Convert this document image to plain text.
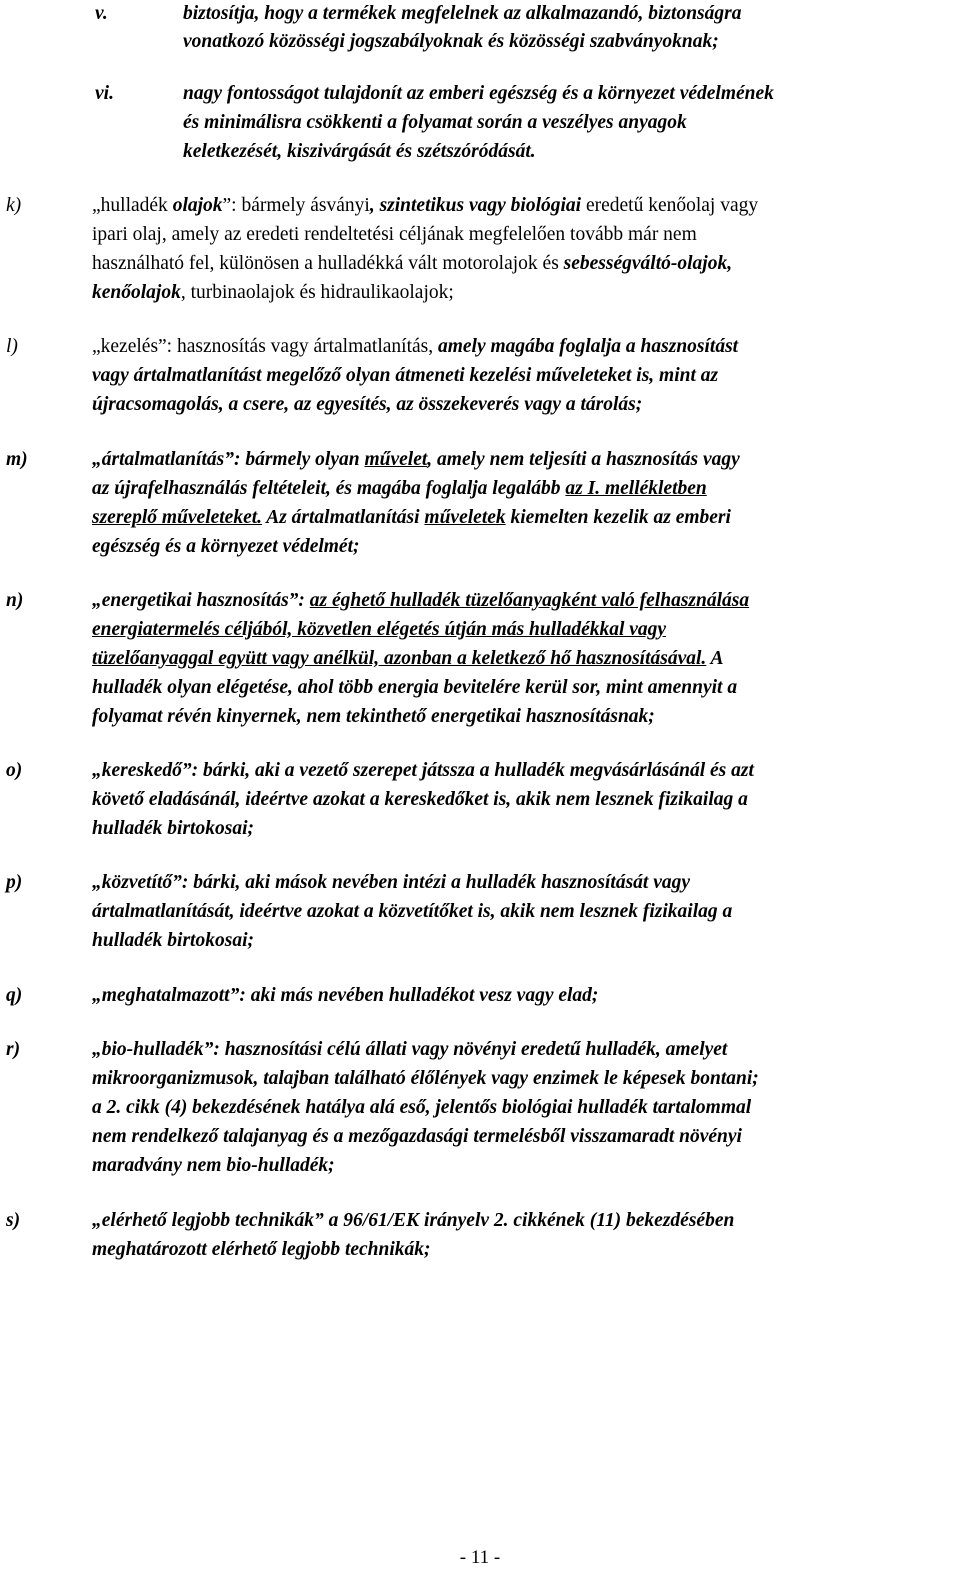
v.	biztosítja, hogy a termékek megfelelnek az alkalmazandó, biztonságra
vonatkozó közösségi jogszabályoknak és közösségi szabványoknak;
vi.	nagy fontosságot tulajdonít az emberi egészség és a környezet védelmének
és minimálisra csökkenti a folyamat során a veszélyes anyagok
keletkezését, kiszivárgását és szétszóródását.
k)	„hulladék olajok”: bármely ásványi, szintetikus vagy biológiai eredetű kenőolaj vagy
ipari olaj, amely az eredeti rendeltetési céljának megfelelően tovább már nem
használható fel, különösen a hulladékká vált motorolajok és sebességváltó-olajok,
kenőolajok, turbinaolajok és hidraulikaolajok;
l)	„kezelés”: hasznosítás vagy ártalmatlanítás, amely magába foglalja a hasznosítást
vagy ártalmatlanítást megelőző olyan átmeneti kezelési műveleteket is, mint az
újracsomagolás, a csere, az egyesítés, az összekeverés vagy a tárolás;
m)	„ártalmatlanítás”: bármely olyan művelet, amely nem teljesíti a hasznosítás vagy
az újrafelhasználás feltételeit, és magába foglalja legalább az I. mellékletben
szereplő műveleteket. Az ártalmatlanítási műveletek kiemelten kezelik az emberi
egészség és a környezet védelmét;
n)	„energetikai hasznosítás”: az éghető hulladék tüzelőanyagként való felhasználása
energiatermelés céljából, közvetlen elégetés útján más hulladékkal vagy
tüzelőanyaggal együtt vagy anélkül, azonban a keletkező hő hasznosításával. A
hulladék olyan elégetése, ahol több energia bevitelére kerül sor, mint amennyit a
folyamat révén kinyernek, nem tekinthető energetikai hasznosításnak;
o)	„kereskedő”: bárki, aki a vezető szerepet játssza a hulladék megvásárlásánál és azt
követő eladásánál, ideértve azokat a kereskedőket is, akik nem lesznek fizikailag a
hulladék birtokosai;
p)	„közvetítő”: bárki, aki mások nevében intézi a hulladék hasznosítását vagy
ártalmatlanítását, ideértve azokat a közvetítőket is, akik nem lesznek fizikailag a
hulladék birtokosai;
q)	„meghatalmazott”: aki más nevében hulladékot vesz vagy elad;
r)	„bio-hulladék”: hasznosítási célú állati vagy növényi eredetű hulladék, amelyet
mikroorganizmusok, talajban található élőlények vagy enzimek le képesek bontani;
a 2. cikk (4) bekezdésének hatálya alá eső, jelentős biológiai hulladék tartalommal
nem rendelkező talajanyag és a mezőgazdasági termelésből visszamaradt növényi
maradvány nem bio-hulladék;
s)	„elérhető legjobb technikák” a 96/61/EK irányelv 2. cikkének (11) bekezdésében
meghatározott elérhető legjobb technikák;
- 11 -
